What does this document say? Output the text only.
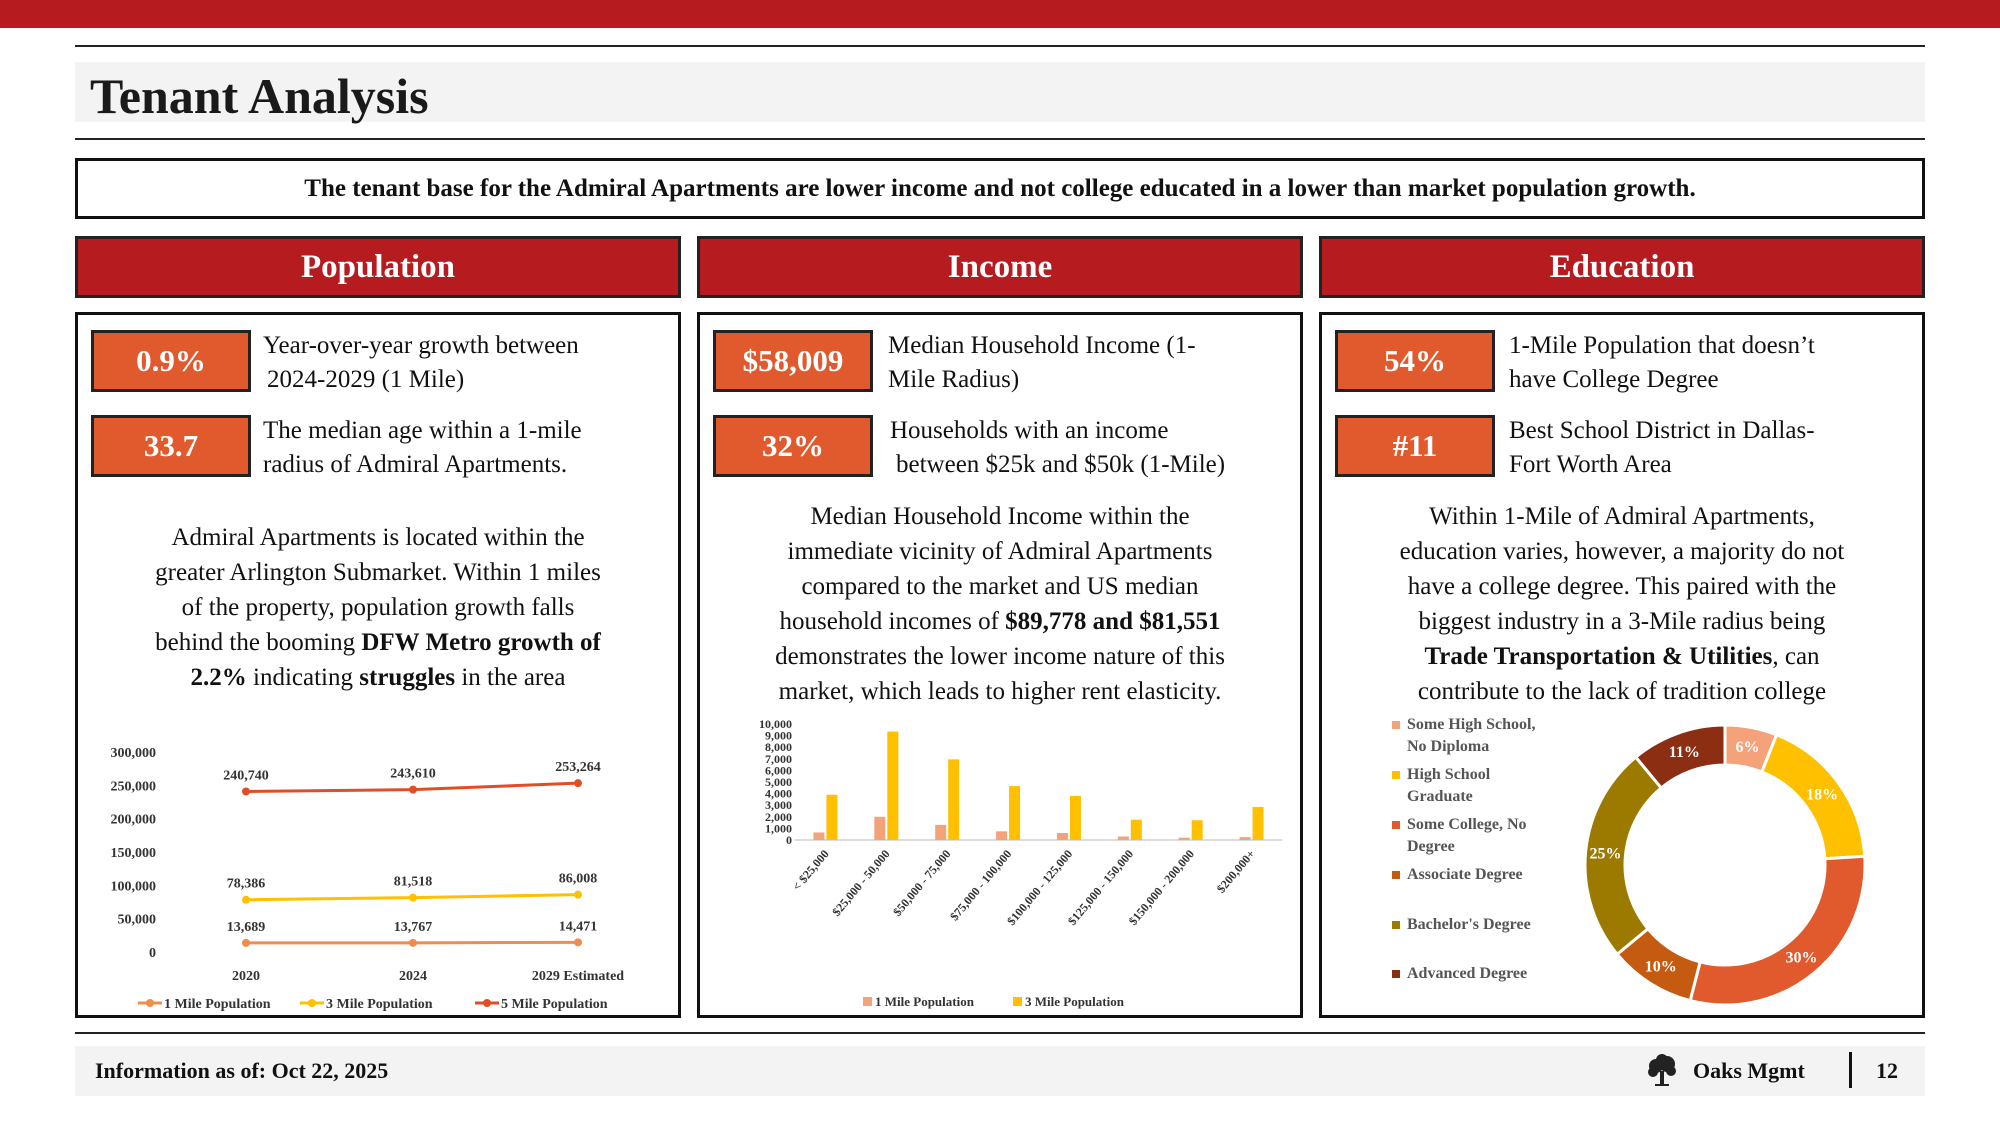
Tenant Analysis
The tenant base for the Admiral Apartments are lower income and not college educated in a lower than market population growth.
Population	Income	Education
0.9%	Year-over-year growth between
2024-2029 (1 Mile)
33.7	The median age within a 1-mile
radius of Admiral Apartments.
Admiral Apartments is located within the
greater Arlington Submarket. Within 1 miles
of the property, population growth falls
behind the booming DFW Metro growth of
2.2% indicating struggles in the area
0
50,000
100,000
150,000
200,000
250,000
300,000
2020	2024	2029 Estimated
13,689	13,767	14,471
78,386	81,518	86,008
240,740	243,610	253,264
1 Mile Population	3 Mile Population	5 Mile Population
$58,009	Median Household Income (1-
Mile Radius)
32%	Households with an income
between $25k and $50k (1-Mile)
Median Household Income within the
immediate vicinity of Admiral Apartments
compared to the market and US median
household incomes of $89,778 and $81,551
demonstrates the lower income nature of this
market, which leads to higher rent elasticity.
0
1,000
2,000
3,000
4,000
5,000
6,000
7,000
8,000
9,000
10,000
< $25,000
$25,000 - 50,000
$50,000 - 75,000
$75,000 - 100,000
$100,000 - 125,000
$125,000 - 150,000
$150,000 - 200,000 $200,000+
1 Mile Population	3 Mile Population
54%	1-Mile Population that doesn’t
have College Degree
#11	Best School District in Dallas-
Fort Worth Area
Within 1-Mile of Admiral Apartments,
education varies, however, a majority do not
have a college degree. This paired with the
biggest industry in a 3-Mile radius being
Trade Transportation & Utilities, can
contribute to the lack of tradition college
6%
18%
30%
10%
25%
11%
Some High School,
No Diploma
High School
Graduate
Some College, No
Degree
Associate Degree
Bachelor's Degree
Advanced Degree
Information as of: Oct 22, 2025	Oaks Mgmt	12
